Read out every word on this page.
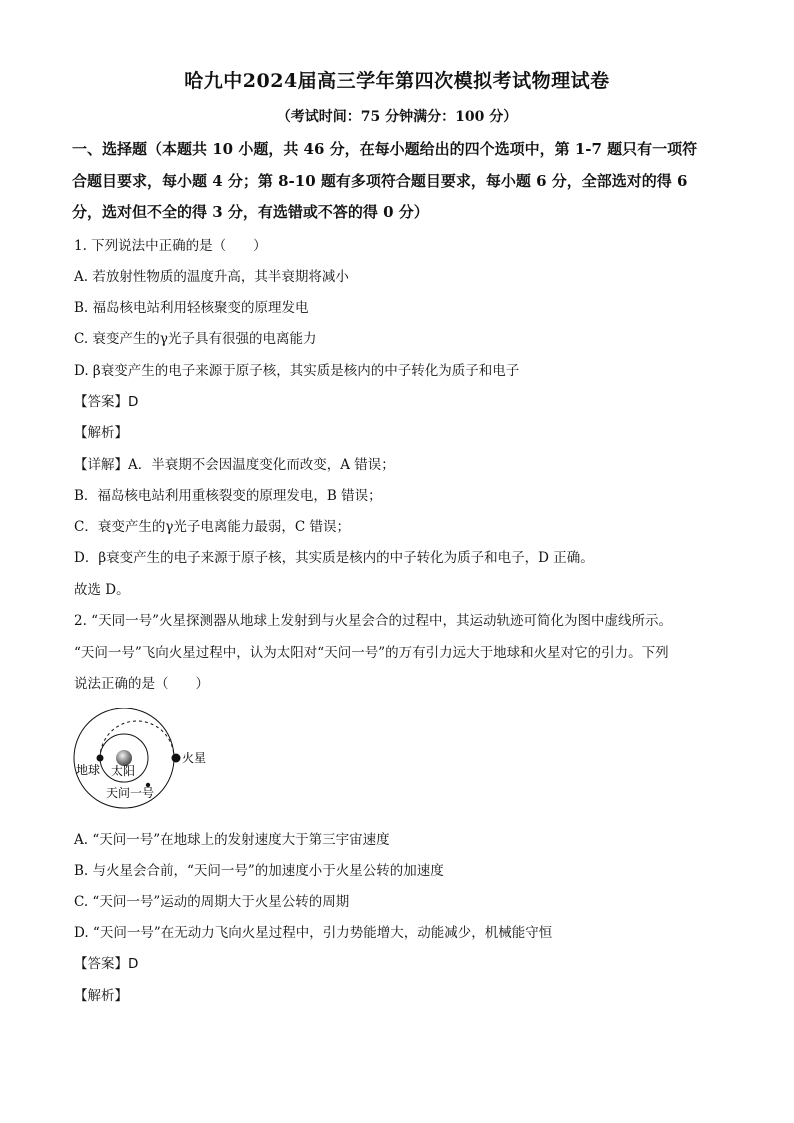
哈九中2024届高三学年第四次模拟考试物理试卷
（考试时间：75 分钟满分：100 分）
一、选择题（本题共 10 小题，共 46 分，在每小题给出的四个选项中，第 1-7 题只有一项符
合题目要求，每小题 4 分；第 8-10 题有多项符合题目要求，每小题 6 分，全部选对的得 6
分，选对但不全的得 3 分，有选错或不答的得 0 分）
1. 下列说法中正确的是（　　）
A. 若放射性物质的温度升高，其半衰期将减小
B. 福岛核电站利用轻核聚变的原理发电
C. 衰变产生的γ光子具有很强的电离能力
D. β衰变产生的电子来源于原子核，其实质是核内的中子转化为质子和电子
【答案】D
【解析】
【详解】A．半衰期不会因温度变化而改变，A 错误；
B．福岛核电站利用重核裂变的原理发电，B 错误；
C．衰变产生的γ光子电离能力最弱，C 错误；
D．β衰变产生的电子来源于原子核，其实质是核内的中子转化为质子和电子，D 正确。
故选 D。
2. “天同一号”火星探测器从地球上发射到与火星会合的过程中，其运动轨迹可简化为图中虚线所示。
“天问一号”飞向火星过程中，认为太阳对“天问一号”的万有引力远大于地球和火星对它的引力。下列
说法正确的是（　　）
火星
地球 太阳
天问一号
A. “天问一号”在地球上的发射速度大于第三宇宙速度
B. 与火星会合前，“天问一号”的加速度小于火星公转的加速度
C. “天问一号”运动的周期大于火星公转的周期
D. “天问一号”在无动力飞向火星过程中，引力势能增大，动能减少，机械能守恒
【答案】D
【解析】
